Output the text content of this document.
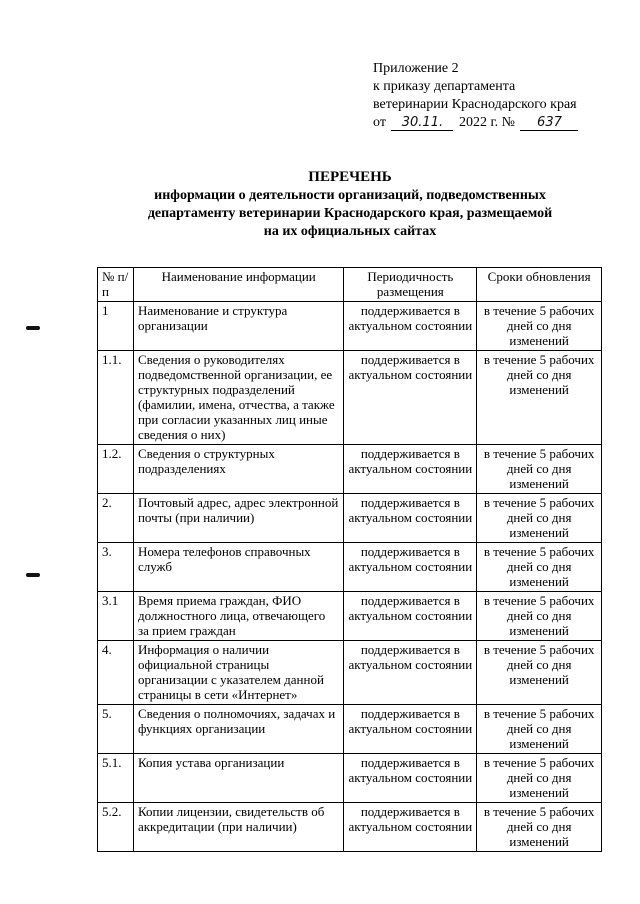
Приложение 2
к приказу департамента
ветеринарии Краснодарского края
от 30.11. 2022 г. № 637
ПЕРЕЧЕНЬ
информации о деятельности организаций, подведомственных
департаменту ветеринарии Краснодарского края, размещаемой
на их официальных сайтах
№ п/п	Наименование информации	Периодичность размещения	Сроки обновления
1	Наименование и структура организации	поддерживается в актуальном состоянии	в течение 5 рабочих дней со дня изменений
1.1.	Сведения о руководителях подведомственной организации, ее структурных подразделений (фамилии, имена, отчества, а также при согласии указанных лиц иные сведения о них)	поддерживается в актуальном состоянии	в течение 5 рабочих дней со дня изменений
1.2.	Сведения о структурных подразделениях	поддерживается в актуальном состоянии	в течение 5 рабочих дней со дня изменений
2.	Почтовый адрес, адрес электронной почты (при наличии)	поддерживается в актуальном состоянии	в течение 5 рабочих дней со дня изменений
3.	Номера телефонов справочных служб	поддерживается в актуальном состоянии	в течение 5 рабочих дней со дня изменений
3.1	Время приема граждан, ФИО должностного лица, отвечающего за прием граждан	поддерживается в актуальном состоянии	в течение 5 рабочих дней со дня изменений
4.	Информация о наличии официальной страницы организации с указателем данной страницы в сети «Интернет»	поддерживается в актуальном состоянии	в течение 5 рабочих дней со дня изменений
5.	Сведения о полномочиях, задачах и функциях организации	поддерживается в актуальном состоянии	в течение 5 рабочих дней со дня изменений
5.1.	Копия устава организации	поддерживается в актуальном состоянии	в течение 5 рабочих дней со дня изменений
5.2.	Копии лицензии, свидетельств об аккредитации (при наличии)	поддерживается в актуальном состоянии	в течение 5 рабочих дней со дня изменений
